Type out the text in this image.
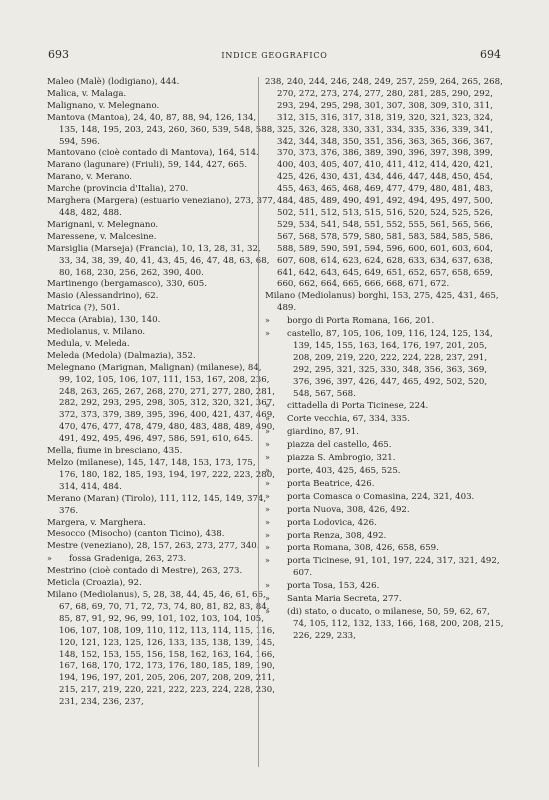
693	INDICE GEOGRAFICO	694
Maleo (Malè) (lodigiano), 444.
Malica, v. Malaga.
Malignano, v. Melegnano.
Mantova (Mantoa), 24, 40, 87, 88, 94, 126, 134, 135, 148, 195, 203, 243, 260, 360, 539, 548, 588, 594, 596.
Mantovano (cioè contado di Mantova), 164, 514.
Marano (lagunare) (Friuli), 59, 144, 427, 665.
Marano, v. Merano.
Marche (provincia d'Italia), 270.
Marghera (Margera) (estuario veneziano), 273, 377, 448, 482, 488.
Marignani, v. Melegnano.
Maressene, v. Malcesine.
Marsiglia (Marseja) (Francia), 10, 13, 28, 31, 32, 33, 34, 38, 39, 40, 41, 43, 45, 46, 47, 48, 63, 68, 80, 168, 230, 256, 262, 390, 400.
Martinengo (bergamasco), 330, 605.
Masio (Alessandrino), 62.
Matrica (?), 501.
Mecca (Arabia), 130, 140.
Mediolanus, v. Milano.
Medula, v. Meleda.
Meleda (Medola) (Dalmazia), 352.
Melegnano (Marignan, Malignan) (milanese), 84, 99, 102, 105, 106, 107, 111, 153, 167, 208, 236, 248, 263, 265, 267, 268, 270, 271, 277, 280, 281, 282, 292, 293, 295, 298, 305, 312, 320, 321, 367, 372, 373, 379, 389, 395, 396, 400, 421, 437, 469, 470, 476, 477, 478, 479, 480, 483, 488, 489, 490, 491, 492, 495, 496, 497, 586, 591, 610, 645.
Mella, fiume in bresciano, 435.
Melzo (milanese), 145, 147, 148, 153, 173, 175, 176, 180, 182, 185, 193, 194, 197, 222, 223, 280, 314, 414, 484.
Merano (Maran) (Tirolo), 111, 112, 145, 149, 374, 376.
Margera, v. Marghera.
Mesocco (Misocho) (canton Ticino), 438.
Mestre (veneziano), 28, 157, 263, 273, 277, 340.
» fossa Gradeniga, 263, 273.
Mestrino (cioè contado di Mestre), 263, 273.
Meticla (Croazia), 92.
Milano (Mediolanus), 5, 28, 38, 44, 45, 46, 61, 66, 67, 68, 69, 70, 71, 72, 73, 74, 80, 81, 82, 83, 84, 85, 87, 91, 92, 96, 99, 101, 102, 103, 104, 105, 106, 107, 108, 109, 110, 112, 113, 114, 115, 116, 120, 121, 123, 125, 126, 133, 135, 138, 139, 145, 148, 152, 153, 155, 156, 158, 162, 163, 164, 166, 167, 168, 170, 172, 173, 176, 180, 185, 189, 190, 194, 196, 197, 201, 205, 206, 207, 208, 209, 211, 215, 217, 219, 220, 221, 222, 223, 224, 228, 230, 231, 234, 236, 237,
238, 240, 244, 246, 248, 249, 257, 259, 264, 265, 268, 270, 272, 273, 274, 277, 280, 281, 285, 290, 292, 293, 294, 295, 298, 301, 307, 308, 309, 310, 311, 312, 315, 316, 317, 318, 319, 320, 321, 323, 324, 325, 326, 328, 330, 331, 334, 335, 336, 339, 341, 342, 344, 348, 350, 351, 356, 363, 365, 366, 367, 370, 373, 376, 386, 389, 390, 396, 397, 398, 399, 400, 403, 405, 407, 410, 411, 412, 414, 420, 421, 425, 426, 430, 431, 434, 446, 447, 448, 450, 454, 455, 463, 465, 468, 469, 477, 479, 480, 481, 483, 484, 485, 489, 490, 491, 492, 494, 495, 497, 500, 502, 511, 512, 513, 515, 516, 520, 524, 525, 526, 529, 534, 541, 548, 551, 552, 555, 561, 565, 566, 567, 568, 578, 579, 580, 581, 583, 584, 585, 586, 588, 589, 590, 591, 594, 596, 600, 601, 603, 604, 607, 608, 614, 623, 624, 628, 633, 634, 637, 638, 641, 642, 643, 645, 649, 651, 652, 657, 658, 659, 660, 662, 664, 665, 666, 668, 671, 672.
Milano (Mediolanus) borghi, 153, 275, 425, 431, 465, 489.
» borgo di Porta Romana, 166, 201.
» castello, 87, 105, 106, 109, 116, 124, 125, 134, 139, 145, 155, 163, 164, 176, 197, 201, 205, 208, 209, 219, 220, 222, 224, 228, 237, 291, 292, 295, 321, 325, 330, 348, 356, 363, 369, 376, 396, 397, 426, 447, 465, 492, 502, 520, 548, 567, 568.
» cittadella di Porta Ticinese, 224.
» Corte vecchia, 67, 334, 335.
» giardino, 87, 91.
» piazza del castello, 465.
» piazza S. Ambrogio, 321.
» porte, 403, 425, 465, 525.
» porta Beatrice, 426.
» porta Comasca o Comasina, 224, 321, 403.
» porta Nuova, 308, 426, 492.
» porta Lodovica, 426.
» porta Renza, 308, 492.
» porta Romana, 308, 426, 658, 659.
» porta Ticinese, 91, 101, 197, 224, 317, 321, 492, 607.
» porta Tosa, 153, 426.
» Santa Maria Secreta, 277.
» (di) stato, o ducato, o milanese, 50, 59, 62, 67, 74, 105, 112, 132, 133, 166, 168, 200, 208, 215, 226, 229, 233,
